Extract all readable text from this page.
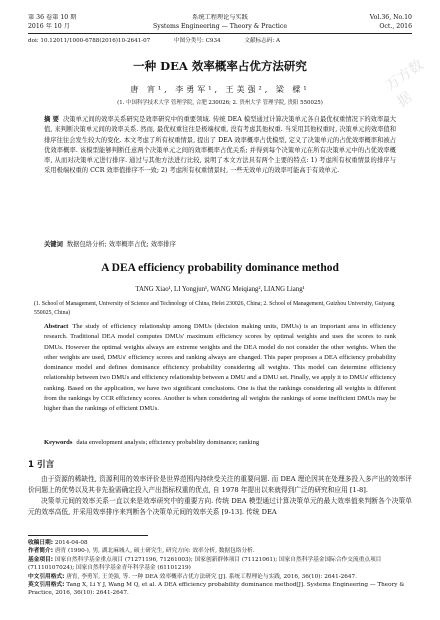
第 36 卷第 10 期	系统工程理论与实践	Vol.36, No.10
2016 年 10 月	Systems Engineering — Theory & Practice	Oct., 2016
doi: 10.12011/1000-6788(2016)10-2641-07	中图分类号: C934	文献标志码: A
一种 DEA 效率概率占优方法研究
唐 宵¹, 李勇军¹, 王美强², 梁 樑¹
(1. 中国科学技术大学 管理学院, 合肥 230026; 2. 贵州大学 管理学院, 贵阳 550025)
摘 要 决策单元间的效率关系研究是效率研究中的重要领域. 传统 DEA 模型通过计算决策单元各自最优权重情况下的效率最大值, 来判断决策单元间的效率关系. 然而, 最优权重往往是极端权重, 没有考虑其他权重. 当采用其他权重时, 决策单元的效率值和排序往往会发生较大的变化. 本文考虑了所有权重情景, 提出了 DEA 效率概率占优模型, 定义了决策单元的占优效率概率和被占优效率概率. 该模型能够判断任意两个决策单元之间的效率概率占优关系; 并得到每个决策单元在所有决策单元中的占优效率概率, 从而对决策单元进行排序. 通过与其他方法进行比较, 说明了本文方法具有两个主要的特点: 1) 考虑所有权重情景的排序与采用极端权重的 CCR 效率值排序不一致; 2) 考虑所有权重情景时, 一些无效单元的效率可能高于有效单元.
关键词 数据包络分析; 效率概率占优; 效率排序
A DEA efficiency probability dominance method
TANG Xiao¹, LI Yongjun¹, WANG Meiqiang², LIANG Liang¹
(1. School of Management, University of Science and Technology of China, Hefei 230026, China; 2. School of Management, Guizhou University, Guiyang 550025, China)
Abstract The study of efficiency relationship among DMUs (decision making units, DMUs) is an important area in efficiency research. Traditional DEA model computes DMUs' maximum efficiency scores by optimal weights and uses the scores to rank DMUs. However the optimal weights always are extreme weights and the DEA model do not consider the other weights. When the other weights are used, DMUs' efficiency scores and ranking always are changed. This paper proposes a DEA efficiency probability dominance model and defines dominance efficiency probability considering all weights. This model can determine efficiency relationship between two DMUs and efficiency relationship between a DMU and a DMU set. Finally, we apply it to DMUs' efficiency ranking. Based on the application, we have two significant conclusions. One is that the rankings considering all weights is different from the rankings by CCR efficiency scores. Another is when considering all weights the rankings of some inefficient DMUs may be higher than the rankings of efficient DMUs.
Keywords data envelopment analysis; efficiency probability dominance; ranking
1 引言

由于资源的稀缺性, 资源利用的效率评价是世界范围内持续受关注的重要问题. 而 DEA 理论因其在处理多投入多产出的效率评价问题上的优势以及其非先验需确定投入产出指标权重的优点, 自 1978 年提出以来就得到广泛的研究和应用 [1-8].

决策单元间的效率关系一直以来是效率研究中的重要方向. 传统 DEA 模型通过计算决策单元的最大效率值来判断各个决策单元的效率高低, 并采用效率排序来判断各个决策单元间的效率关系 [9-13]. 传统 DEA

收稿日期: 2014-04-08

作者简介: 唐宵 (1990-), 男, 湖北麻城人, 硕士研究生, 研究方向: 效率分析, 数据包络分析.

基金项目: 国家自然科学基金重点项目 (71271196, 71261003); 国家创新群体项目 (71121061); 国家自然科学基金国际合作交流重点项目 (71110107024); 国家自然科学基金青年科学基金 (61101219)

中文引用格式: 唐宵, 李勇军, 王美强, 等. 一种 DEA 效率概率占优方法研究 [J]. 系统工程理论与实践, 2016, 36(10): 2641-2647.

英文引用格式: Tang X, Li Y J, Wang M Q, et al. A DEA efficiency probability dominance method[J]. Systems Engineering — Theory & Practice, 2016, 36(10): 2641-2647.

万方数据
